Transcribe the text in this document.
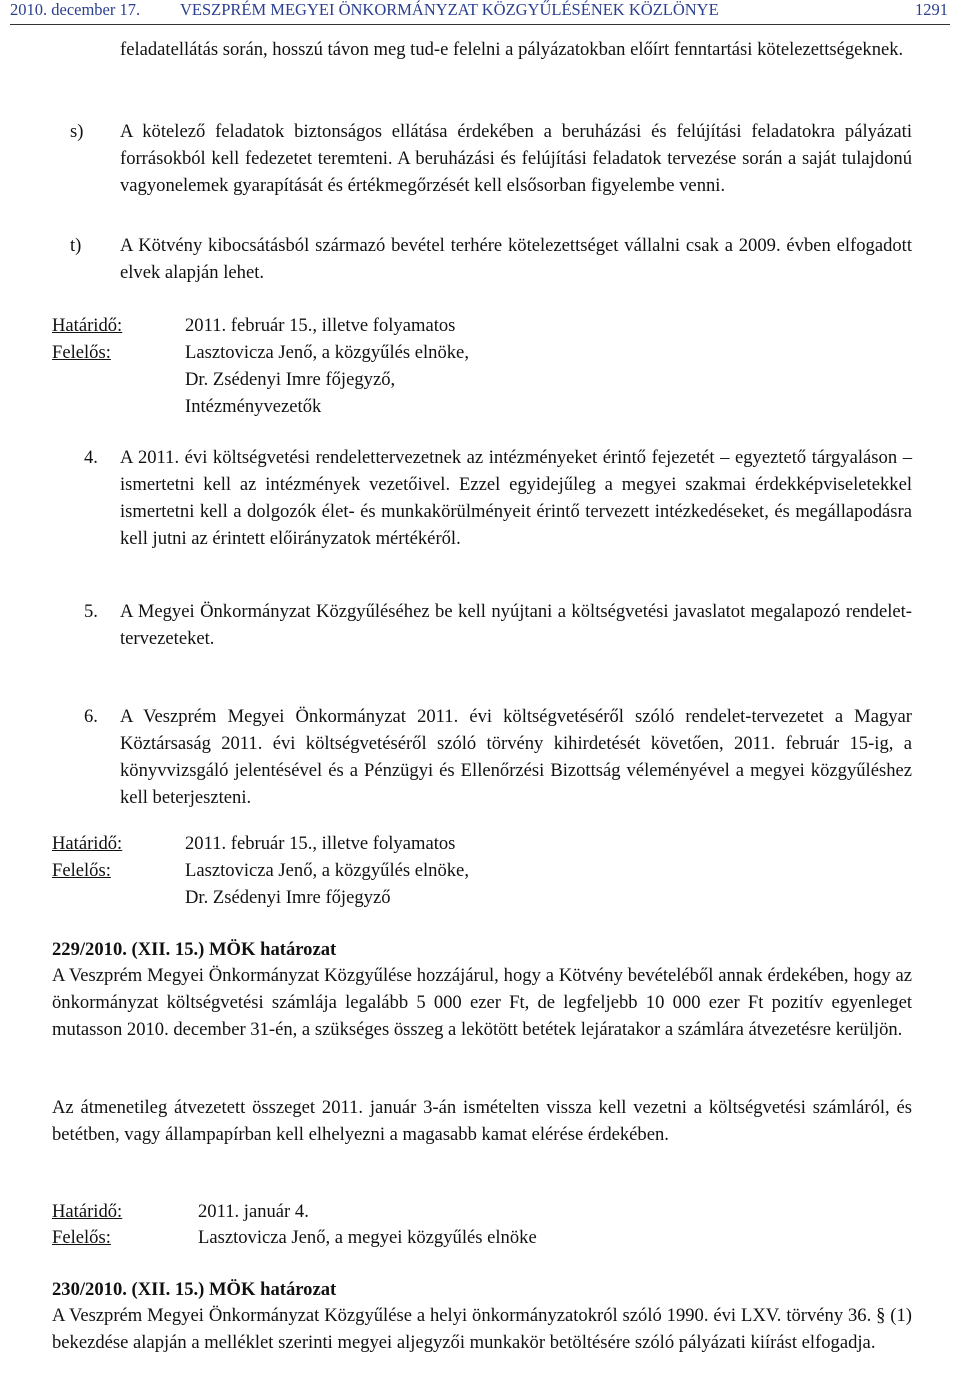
2010. december 17. VESZPRÉM MEGYEI ÖNKORMÁNYZAT KÖZGYŰLÉSÉNEK KÖZLÖNYE	1291

feladatellátás során, hosszú távon meg tud-e felelni a pályázatokban előírt fenntartási kötelezettségeknek.

s) A kötelező feladatok biztonságos ellátása érdekében a beruházási és felújítási feladatokra pályázati forrásokból kell fedezetet teremteni. A beruházási és felújítási feladatok tervezése során a saját tulajdonú vagyonelemek gyarapítását és értékmegőrzését kell elsősorban figyelembe venni.

t) A Kötvény kibocsátásból származó bevétel terhére kötelezettséget vállalni csak a 2009. évben elfogadott elvek alapján lehet.

Határidő:	2011. február 15., illetve folyamatos
Felelős:	Lasztovicza Jenő, a közgyűlés elnöke,
Dr. Zsédenyi Imre főjegyző,
Intézményvezetők
4. A 2011. évi költségvetési rendelettervezetnek az intézményeket érintő fejezetét – egyeztető tárgyaláson – ismertetni kell az intézmények vezetőivel. Ezzel egyidejűleg a megyei szakmai érdekképviseletekkel ismertetni kell a dolgozók élet- és munkakörülményeit érintő tervezett intézkedéseket, és megállapodásra kell jutni az érintett előirányzatok mértékéről.

5. A Megyei Önkormányzat Közgyűléséhez be kell nyújtani a költségvetési javaslatot megalapozó rendelet-tervezeteket.

6. A Veszprém Megyei Önkormányzat 2011. évi költségvetéséről szóló rendelet-tervezetet a Magyar Köztársaság 2011. évi költségvetéséről szóló törvény kihirdetését követően, 2011. február 15-ig, a könyvvizsgáló jelentésével és a Pénzügyi és Ellenőrzési Bizottság véleményével a megyei közgyűléshez kell beterjeszteni.

Határidő:	2011. február 15., illetve folyamatos
Felelős:	Lasztovicza Jenő, a közgyűlés elnöke,
Dr. Zsédenyi Imre főjegyző
229/2010. (XII. 15.) MÖK határozat

A Veszprém Megyei Önkormányzat Közgyűlése hozzájárul, hogy a Kötvény bevételéből annak érdekében, hogy az önkormányzat költségvetési számlája legalább 5 000 ezer Ft, de legfeljebb 10 000 ezer Ft pozitív egyenleget mutasson 2010. december 31-én, a szükséges összeg a lekötött betétek lejáratakor a számlára átvezetésre kerüljön.

Az átmenetileg átvezetett összeget 2011. január 3-án ismételten vissza kell vezetni a költségvetési számláról, és betétben, vagy állampapírban kell elhelyezni a magasabb kamat elérése érdekében.

Határidő:	2011. január 4.
Felelős:	Lasztovicza Jenő, a megyei közgyűlés elnöke
230/2010. (XII. 15.) MÖK határozat

A Veszprém Megyei Önkormányzat Közgyűlése a helyi önkormányzatokról szóló 1990. évi LXV. törvény 36. § (1) bekezdése alapján a melléklet szerinti megyei aljegyzői munkakör betöltésére szóló pályázati kiírást elfogadja.
